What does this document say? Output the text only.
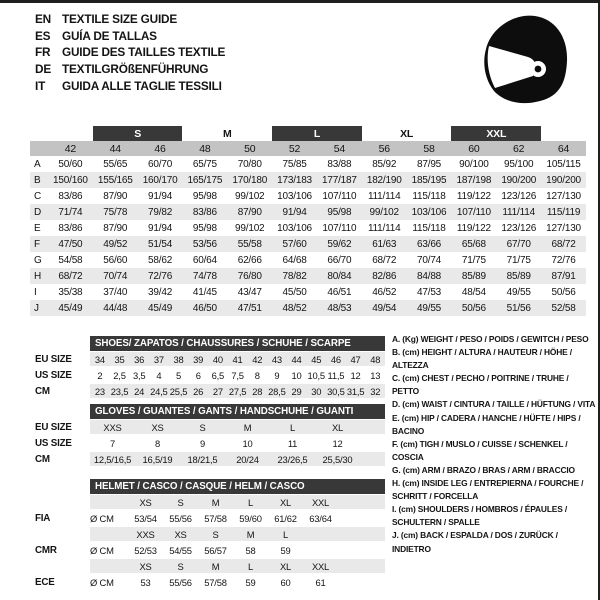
EN TEXTILE SIZE GUIDE
ES GUÍA DE TALLAS
FR GUIDE DES TAILLES TEXTILE
DE TEXTILGRÖßENFÜHRUNG
IT	GUIDA ALLE TAGLIE TESSILI
		S		M		L		XL		XXL		
	42	44	46	48	50	52	54	56	58	60	62	64
A	50/60	55/65	60/70	65/75	70/80	75/85	83/88	85/92	87/95	90/100	95/100	105/115
B	150/160	155/165	160/170	165/175	170/180	173/183	177/187	182/190	185/195	187/198	190/200	190/200
C	83/86	87/90	91/94	95/98	99/102	103/106	107/110	111/114	115/118	119/122	123/126	127/130
D	71/74	75/78	79/82	83/86	87/90	91/94	95/98	99/102	103/106	107/110	111/114	115/119
E	83/86	87/90	91/94	95/98	99/102	103/106	107/110	111/114	115/118	119/122	123/126	127/130
F	47/50	49/52	51/54	53/56	55/58	57/60	59/62	61/63	63/66	65/68	67/70	68/72
G	54/58	56/60	58/62	60/64	62/66	64/68	66/70	68/72	70/74	71/75	71/75	72/76
H	68/72	70/74	72/76	74/78	76/80	78/82	80/84	82/86	84/88	85/89	85/89	87/91
I	35/38	37/40	39/42	41/45	43/47	45/50	46/51	46/52	47/53	48/54	49/55	50/56
J	45/49	44/48	45/49	46/50	47/51	48/52	48/53	49/54	49/55	50/56	51/56	52/58
SHOES/ ZAPATOS / CHAUSSURES / SCHUHE / SCARPE
EU SIZE	34	35	36	37	38	39	40	41	42	43	44	45	46	47	48
US SIZE	2	2,5 3,5	4	5	6	6,5 7,5	8	9	10 10,5 11,5 12	13
CM	23 23,5 24 24,5 25,5 26	27 27,5 28 28,5 29	30 30,5 31,5 32
GLOVES / GUANTES / GANTS / HANDSCHUHE / GUANTI
EU SIZE	XXS	XS	S	M	L	XL
US SIZE	7	8	9	10	11	12
CM	12,5/16,5	16,5/19	18/21,5	20/24	23/26,5	25,5/30
HELMET / CASCO / CASQUE / HELM / CASCO
XS	S	M	L	XL	XXL
FIA	Ø CM	53/54	55/56	57/58	59/60	61/62	63/64
XXS	XS	S	M	L
CMR	Ø CM	52/53	54/55	56/57	58	59
XS	S	M	L	XL	XXL
ECE	Ø CM	53	55/56	57/58	59	60	61
A. (Kg) WEIGHT / PESO / POIDS / GEWITCH / PESO
B. (cm) HEIGHT / ALTURA / HAUTEUR / HÖHE / ALTEZZA
C. (cm) CHEST / PECHO / POITRINE / TRUHE / PETTO
D. (cm) WAIST / CINTURA / TAILLE / HÜFTUNG / VITA
E. (cm) HIP / CADERA / HANCHE / HÜFTE / HIPS / BACINO
F. (cm) TIGH / MUSLO / CUISSE / SCHENKEL / COSCIA
G. (cm) ARM / BRAZO / BRAS / ARM / BRACCIO
H. (cm) INSIDE LEG / ENTREPIERNA / FOURCHE /
SCHRITT / FORCELLA
I. (cm) SHOULDERS / HOMBROS / ÉPAULES /
SCHULTERN / SPALLE
J. (cm) BACK / ESPALDA / DOS / ZURÜCK / INDIETRO
